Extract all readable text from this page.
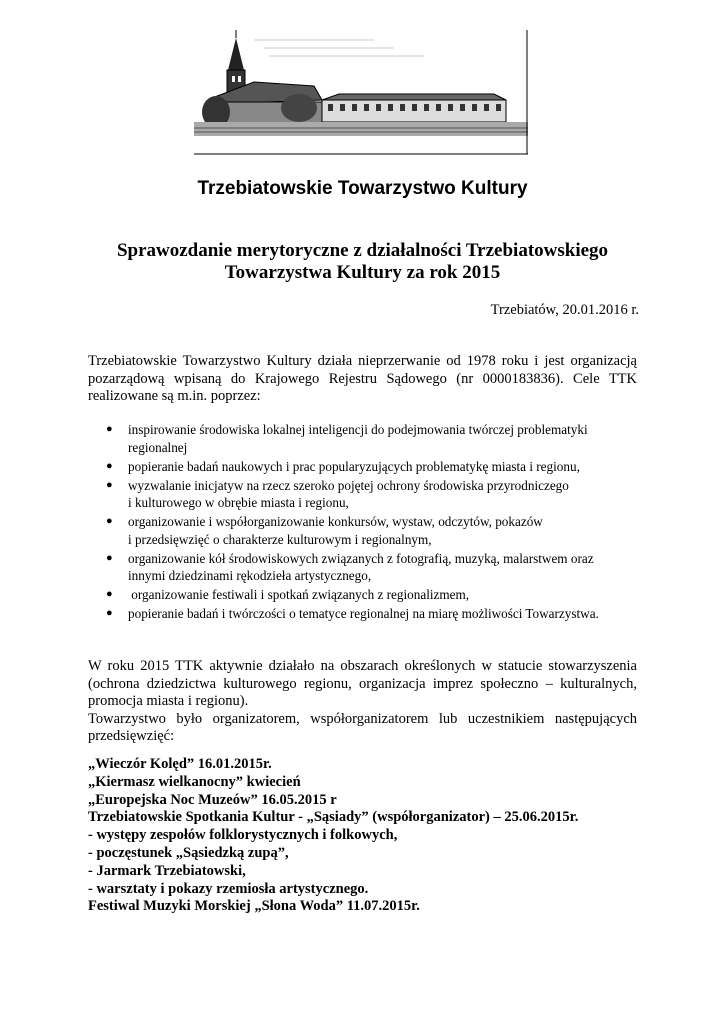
Trzebiatowskie Towarzystwo Kultury
Sprawozdanie merytoryczne z działalności Trzebiatowskiego
Towarzystwa Kultury za rok 2015
Trzebiatów, 20.01.2016 r.
Trzebiatowskie Towarzystwo Kultury działa nieprzerwanie od 1978 roku i jest organizacją
pozarządową wpisaną do Krajowego Rejestru Sądowego (nr 0000183836). Cele TTK
realizowane są m.in. poprzez:
● inspirowanie środowiska lokalnej inteligencji do podejmowania twórczej problematyki
regionalnej
● popieranie badań naukowych i prac popularyzujących problematykę miasta i regionu,
● wyzwalanie inicjatyw na rzecz szeroko pojętej ochrony środowiska przyrodniczego
i kulturowego w obrębie miasta i regionu,
● organizowanie i współorganizowanie konkursów, wystaw, odczytów, pokazów
i przedsięwzięć o charakterze kulturowym i regionalnym,
● organizowanie kół środowiskowych związanych z fotografią, muzyką, malarstwem oraz
innymi dziedzinami rękodzieła artystycznego,
● organizowanie festiwali i spotkań związanych z regionalizmem,
● popieranie badań i twórczości o tematyce regionalnej na miarę możliwości Towarzystwa.
W roku 2015 TTK aktywnie działało na obszarach określonych w statucie stowarzyszenia
(ochrona dziedzictwa kulturowego regionu, organizacja imprez społeczno – kulturalnych,
promocja miasta i regionu).
Towarzystwo było organizatorem, współorganizatorem lub uczestnikiem następujących
przedsięwzięć:
„Wieczór Kolęd” 16.01.2015r.
„Kiermasz wielkanocny” kwiecień
„Europejska Noc Muzeów” 16.05.2015 r
Trzebiatowskie Spotkania Kultur - „Sąsiady” (współorganizator) – 25.06.2015r.
- występy zespołów folklorystycznych i folkowych,
- poczęstunek „Sąsiedzką zupą”,
- Jarmark Trzebiatowski,
- warsztaty i pokazy rzemiosła artystycznego.
Festiwal Muzyki Morskiej „Słona Woda” 11.07.2015r.
